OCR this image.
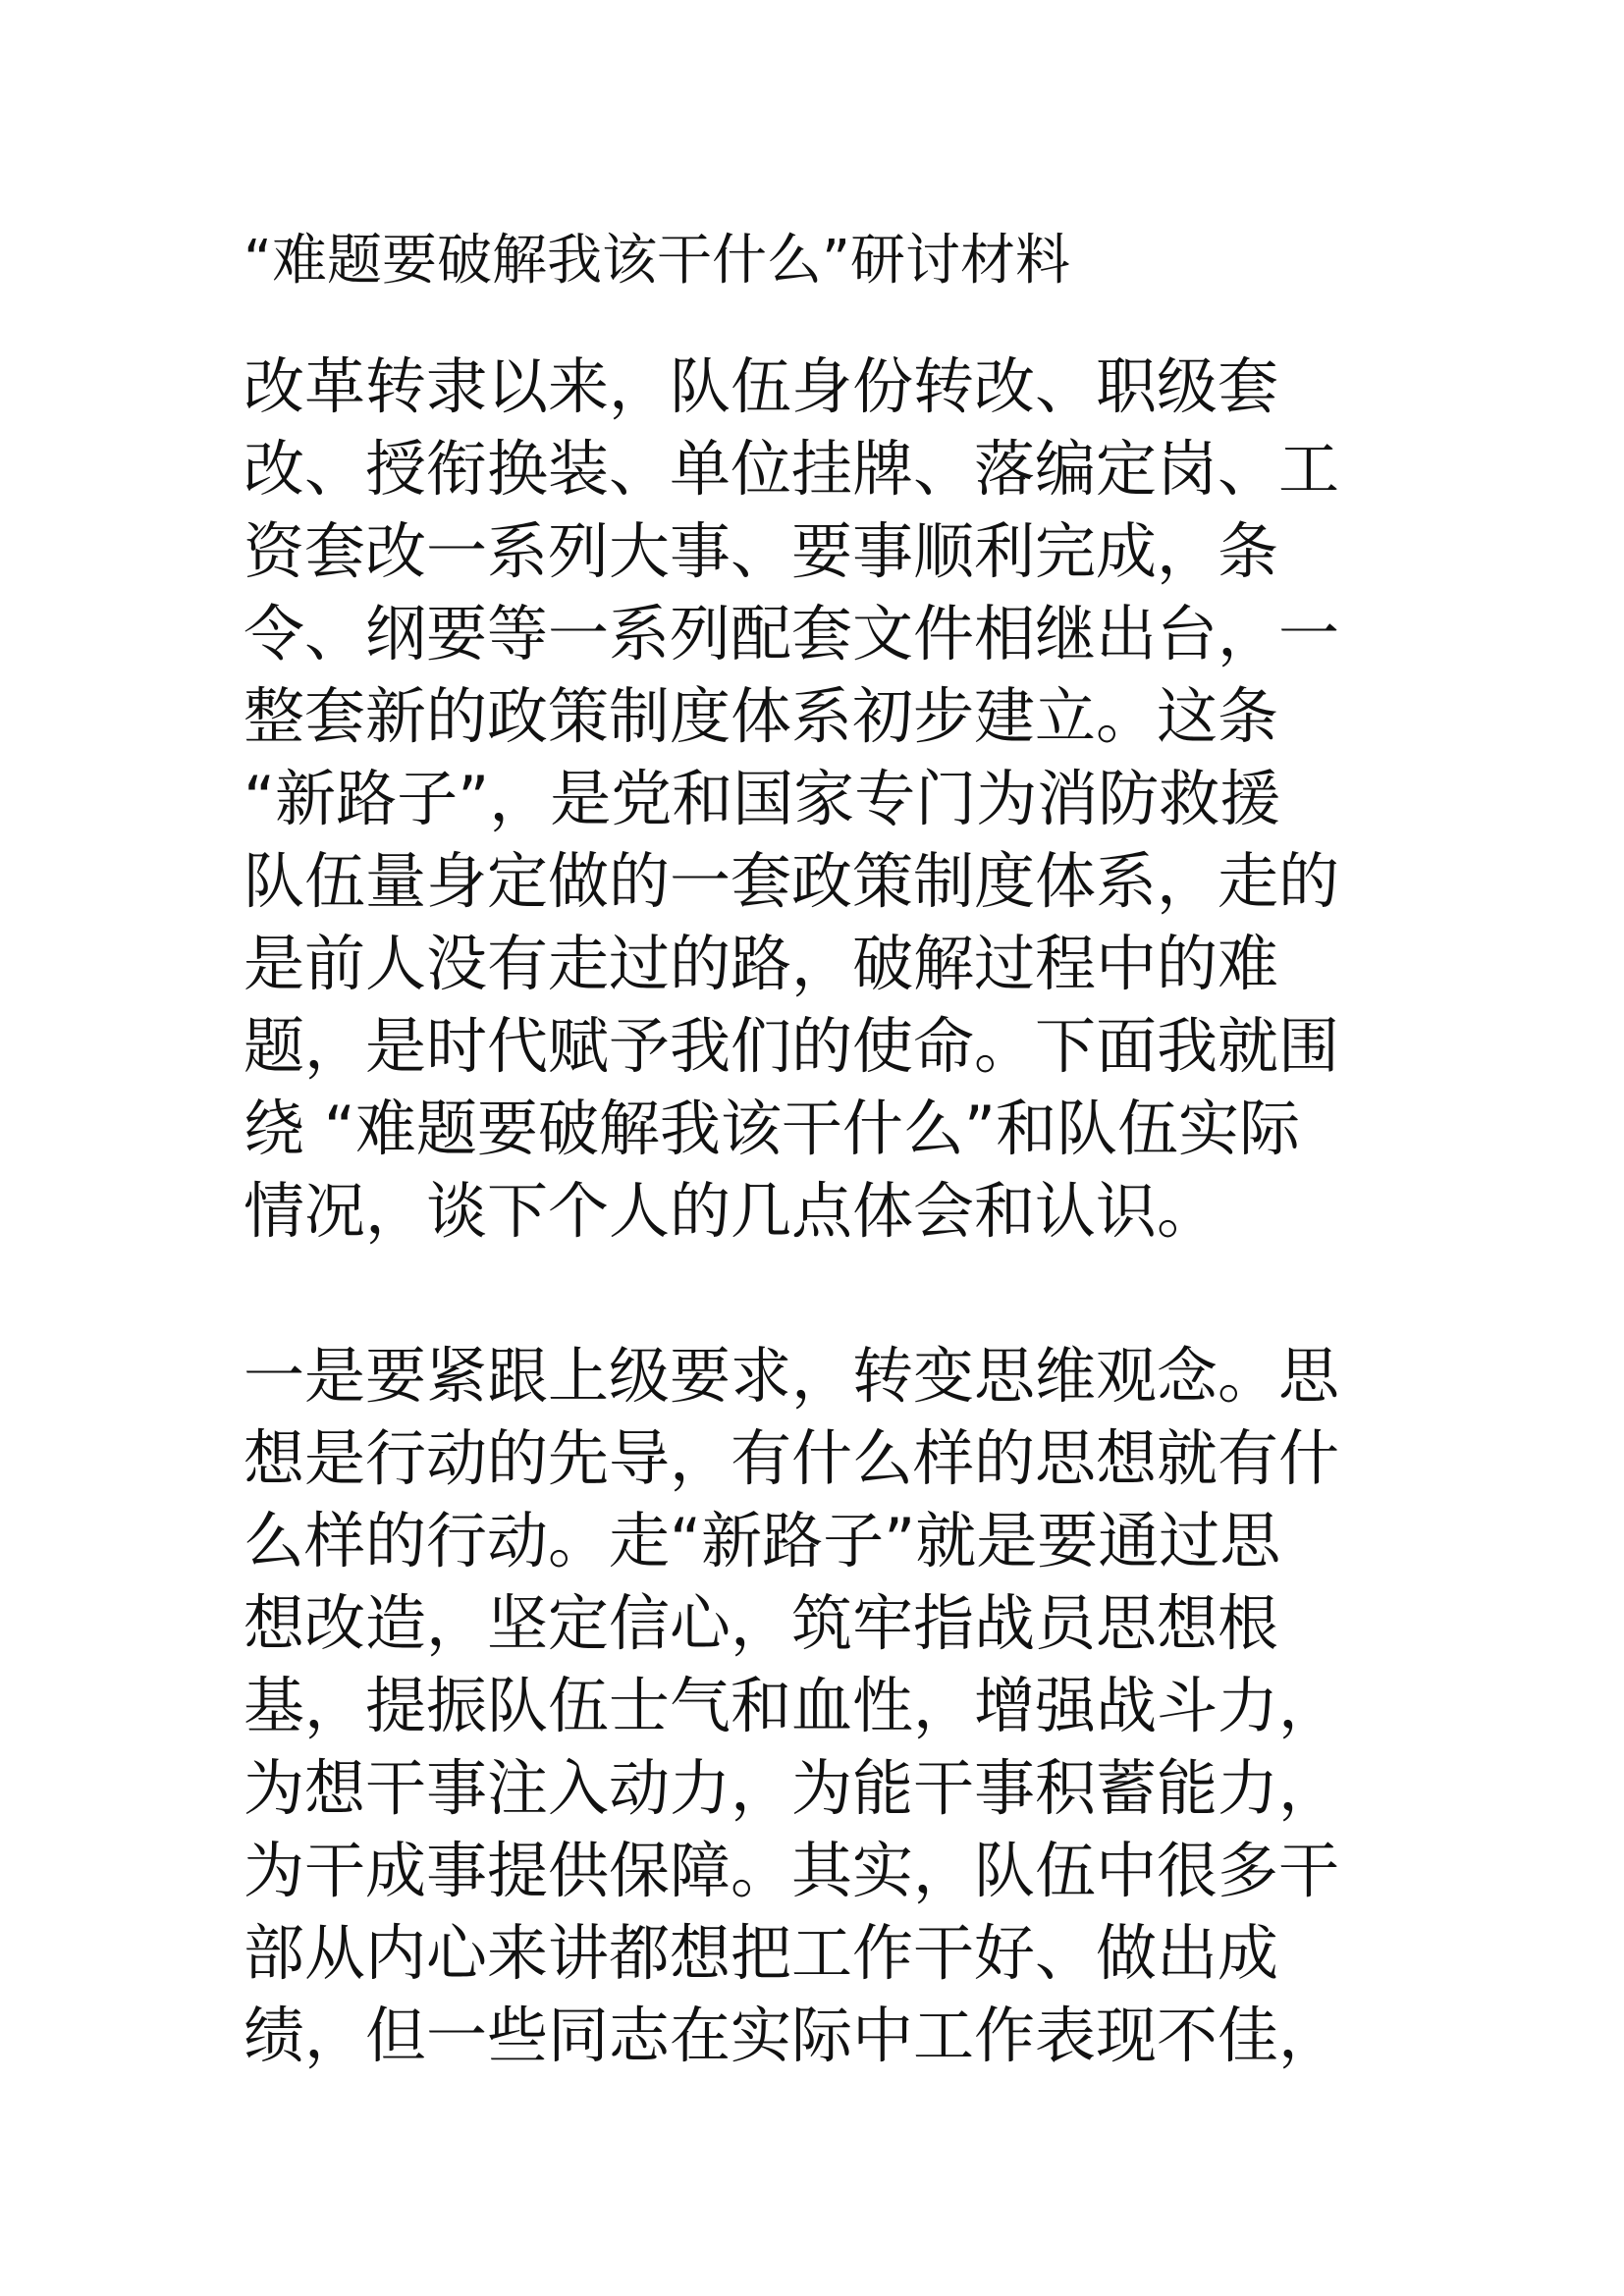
“难题要破解我该干什么”研讨材料
改革转隶以来，队伍身份转改、职级套
改、授衔换装、单位挂牌、落编定岗、工
资套改一系列大事、要事顺利完成，条
令、纲要等一系列配套文件相继出台，一
整套新的政策制度体系初步建立。这条
“新路子”，是党和国家专门为消防救援
队伍量身定做的一套政策制度体系，走的
是前人没有走过的路，破解过程中的难
题，是时代赋予我们的使命。下面我就围
绕 “难题要破解我该干什么”和队伍实际
情况，谈下个人的几点体会和认识。
一是要紧跟上级要求，转变思维观念。思
想是行动的先导，有什么样的思想就有什
么样的行动。走“新路子”就是要通过思
想改造，坚定信心，筑牢指战员思想根
基，提振队伍士气和血性，增强战斗力，
为想干事注入动力，为能干事积蓄能力，
为干成事提供保障。其实，队伍中很多干
部从内心来讲都想把工作干好、做出成
绩，但一些同志在实际中工作表现不佳，
